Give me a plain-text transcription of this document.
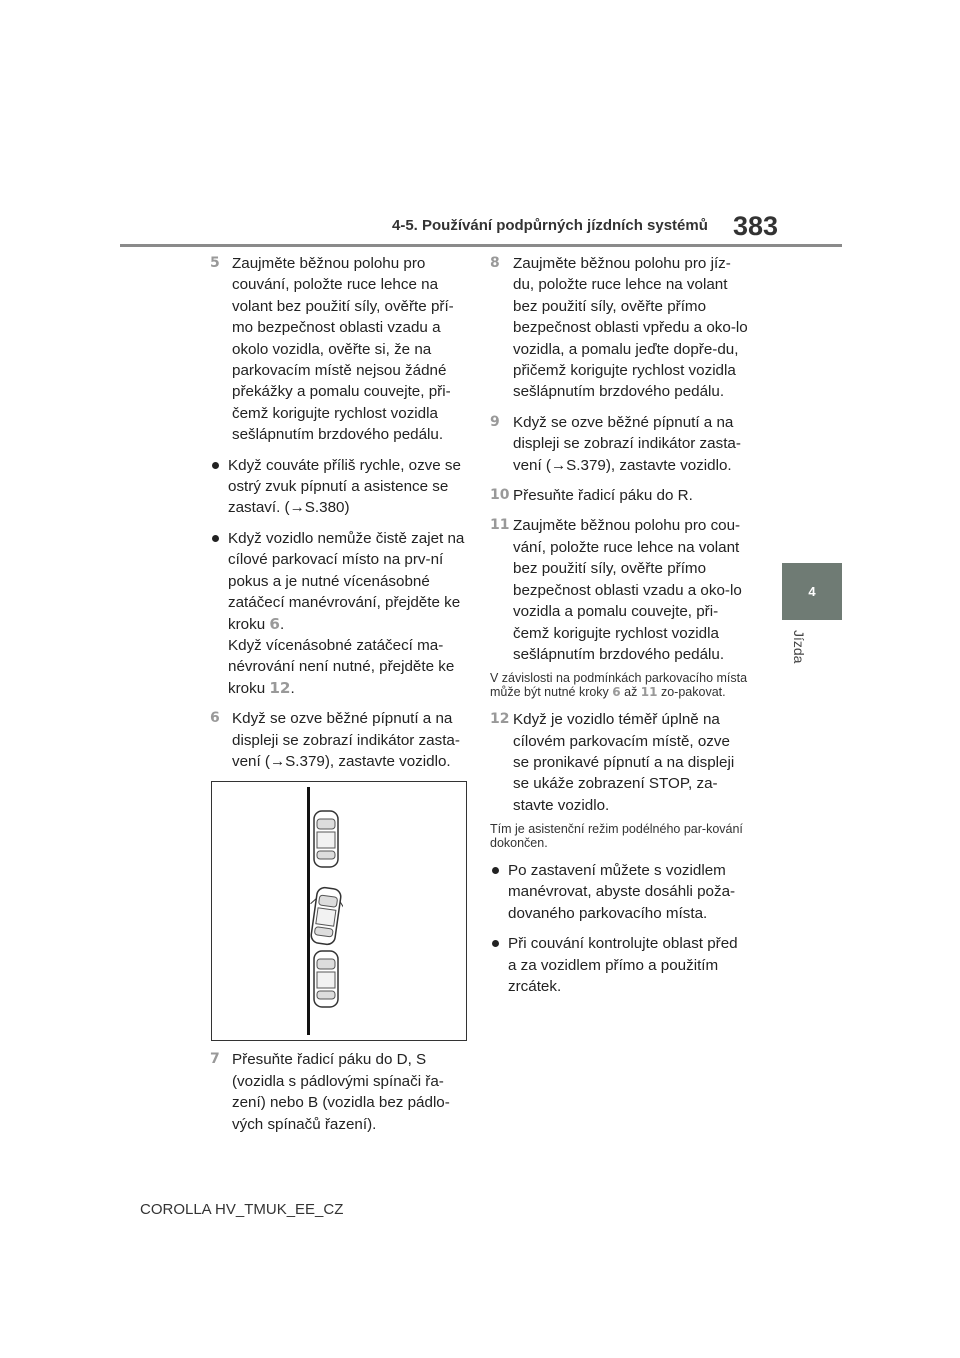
4-5. Používání podpůrných jízdních systémů 383
4
Jízda
5 Zaujměte běžnou polohu pro couvání, položte ruce lehce na volant bez použití síly, ověřte pří-mo bezpečnost oblasti vzadu a okolo vozidla, ověřte si, že na parkovacím místě nejsou žádné překážky a pomalu couvejte, při-čemž korigujte rychlost vozidla sešlápnutím brzdového pedálu.
Když couváte příliš rychle, ozve se ostrý zvuk pípnutí a asistence se zastaví. (→S.380)
Když vozidlo nemůže čistě zajet na cílové parkovací místo na prv-ní pokus a je nutné vícenásobné zatáčecí manévrování, přejděte ke kroku 6.
Když vícenásobné zatáčecí ma-névrování není nutné, přejděte ke kroku 12.
6 Když se ozve běžné pípnutí a na displeji se zobrazí indikátor zasta-vení (→S.379), zastavte vozidlo.
7 Přesuňte řadicí páku do D, S (vozidla s pádlovými spínači řa-zení) nebo B (vozidla bez pádlo-vých spínačů řazení).
8 Zaujměte běžnou polohu pro jíz-du, položte ruce lehce na volant bez použití síly, ověřte přímo bezpečnost oblasti vpředu a oko-lo vozidla, a pomalu jeďte dopře-du, přičemž korigujte rychlost vozidla sešlápnutím brzdového pedálu.
9 Když se ozve běžné pípnutí a na displeji se zobrazí indikátor zasta-vení (→S.379), zastavte vozidlo.
10 Přesuňte řadicí páku do R.
11 Zaujměte běžnou polohu pro cou-vání, položte ruce lehce na volant bez použití síly, ověřte přímo bezpečnost oblasti vzadu a oko-lo vozidla a pomalu couvejte, při-čemž korigujte rychlost vozidla sešlápnutím brzdového pedálu.
V závislosti na podmínkách parkovacího místa může být nutné kroky 6 až 11 zo-pakovat.
12 Když je vozidlo téměř úplně na cílovém parkovacím místě, ozve se pronikavé pípnutí a na displeji se ukáže zobrazení STOP, za-stavte vozidlo.
Tím je asistenční režim podélného par-kování dokončen.
Po zastavení můžete s vozidlem manévrovat, abyste dosáhli poža-dovaného parkovacího místa.
Při couvání kontrolujte oblast před a za vozidlem přímo a použitím zrcátek.
COROLLA HV_TMUK_EE_CZ
